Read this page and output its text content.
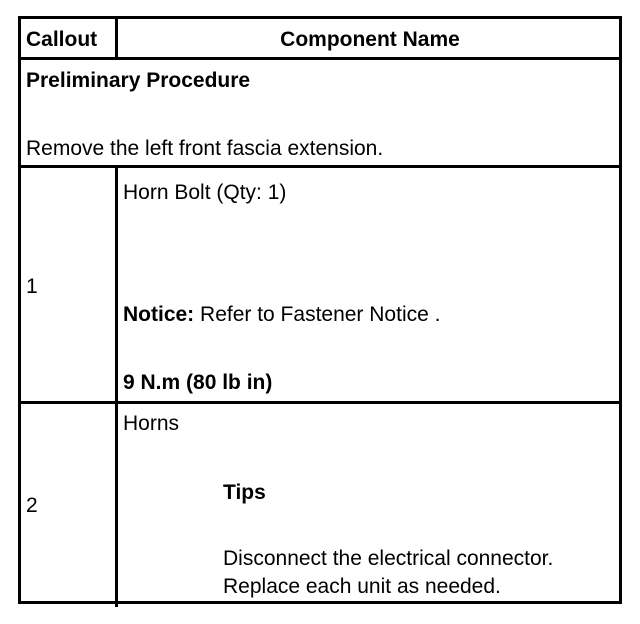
Callout	Component Name
Preliminary Procedure
Remove the left front fascia extension.
1
Horn Bolt (Qty: 1)
Notice: Refer to Fastener Notice .
9 N.m (80 lb in)
2
Horns
Tips
Disconnect the electrical connector.
Replace each unit as needed.
